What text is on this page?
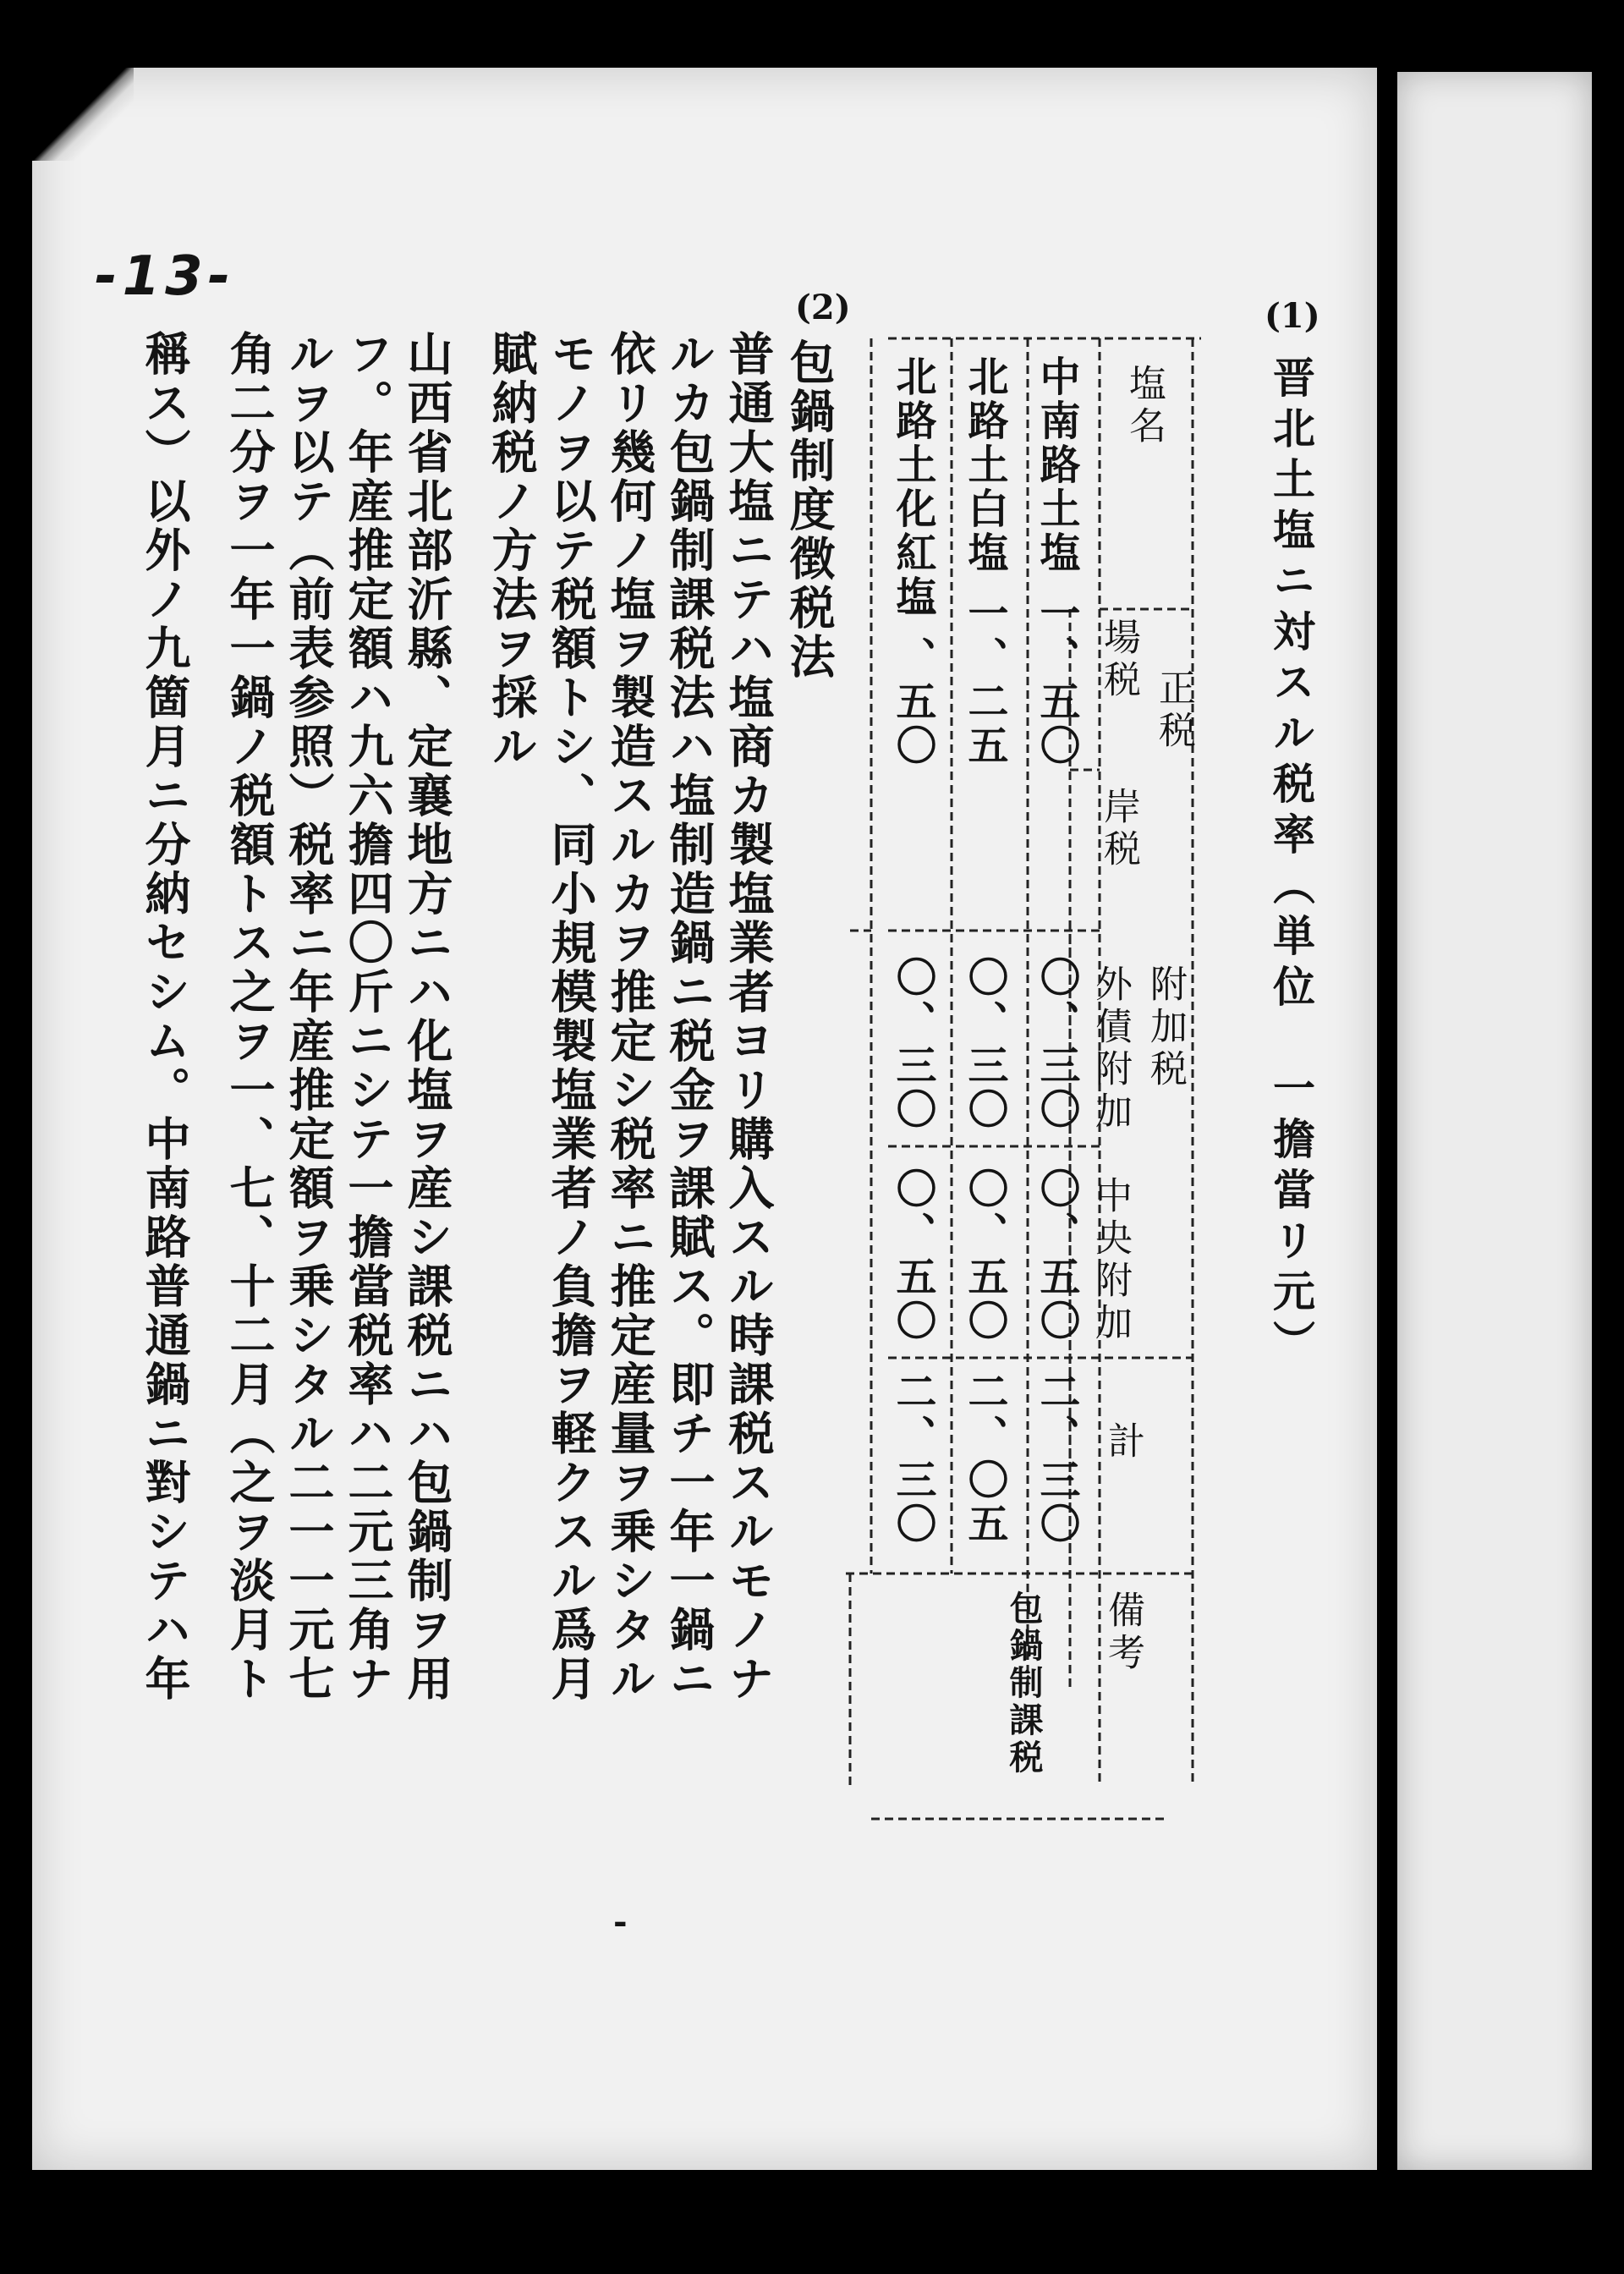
-13-
(1)
晋北土塩ニ対スル税率（単位　一擔當リ元）
塩名
正税
場税
岸税
附加税
外債附加
中央附加
計
備考
中南路土塩
一、五〇
〇、三〇
〇、五〇
二、三〇
包鍋制課税
北路土白塩
一、二五
〇、三〇
〇、五〇
二、〇五
北路土化紅塩
一、五〇
〇、三〇
〇、五〇
二、三〇
(2)
包鍋制度徴税法
普通大塩ニテハ塩商カ製塩業者ヨリ購入スル時課税スルモノナ
ルカ包鍋制課税法ハ塩制造鍋ニ税金ヲ課賦ス。即チ一年一鍋ニ
依リ幾何ノ塩ヲ製造スルカヲ推定シ税率ニ推定産量ヲ乗シタル
モノヲ以テ税額トシ、同小規模製塩業者ノ負擔ヲ軽クスル爲月
賦納税ノ方法ヲ採ル
山西省北部沂縣、定襄地方ニハ化塩ヲ産シ課税ニハ包鍋制ヲ用
フ。年産推定額ハ九六擔四〇斤ニシテ一擔當税率ハ二元三角ナ
ルヲ以テ（前表参照）税率ニ年産推定額ヲ乗シタル二一一元七
角二分ヲ一年一鍋ノ税額トス之ヲ一、七、十二月（之ヲ淡月ト
稱ス）以外ノ九箇月ニ分納セシム。中南路普通鍋ニ對シテハ年
-
